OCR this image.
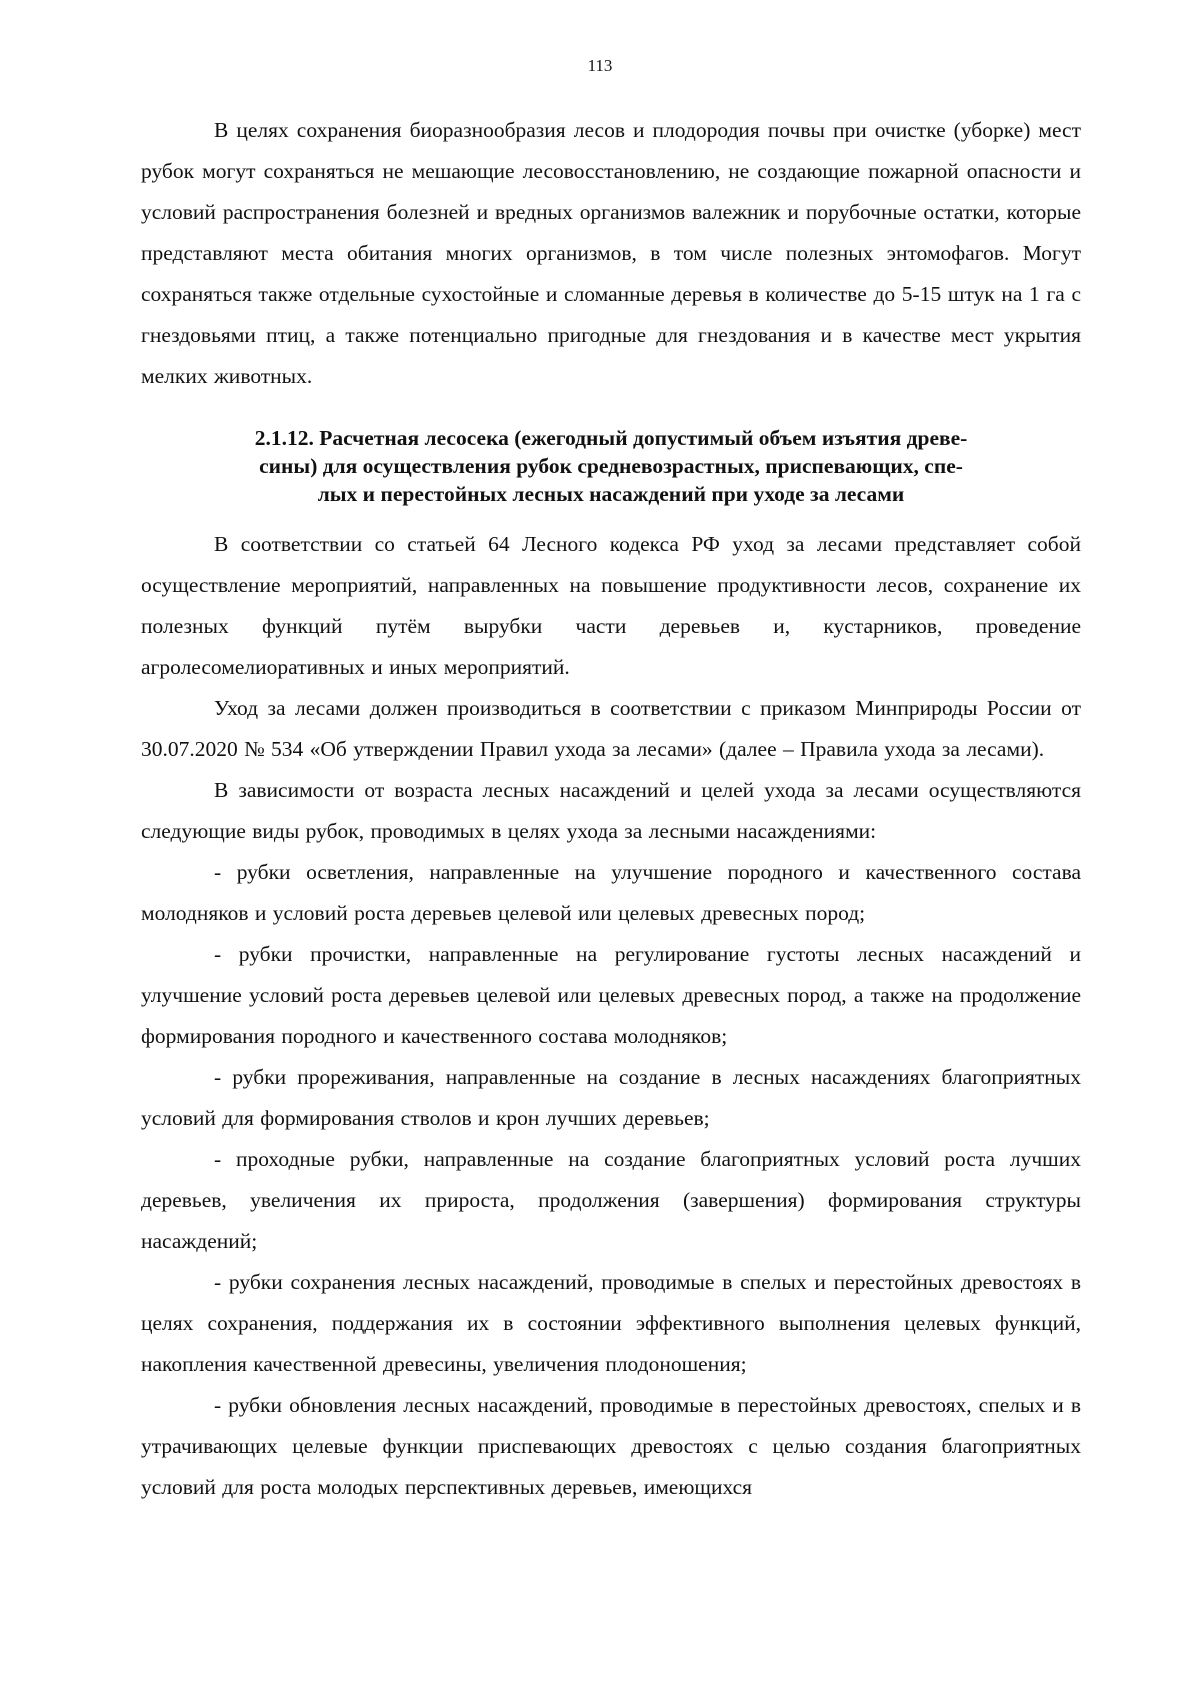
113

В целях сохранения биоразнообразия лесов и плодородия почвы при очистке (уборке) мест рубок могут сохраняться не мешающие лесовосстановлению, не создающие пожарной опасности и условий распространения болезней и вредных организмов валежник и порубочные остатки, которые представляют места обитания многих организмов, в том числе полезных энтомофагов. Могут сохраняться также отдельные сухостойные и сломанные деревья в количестве до 5-15 штук на 1 га с гнездовьями птиц, а также потенциально пригодные для гнездования и в качестве мест укрытия мелких животных.

2.1.12. Расчетная лесосека (ежегодный допустимый объем изъятия древе-
сины) для осуществления рубок средневозрастных, приспевающих, спе-
лых и перестойных лесных насаждений при уходе за лесами

В соответствии со статьей 64 Лесного кодекса РФ уход за лесами представляет собой осуществление мероприятий, направленных на повышение продуктивности лесов, сохранение их полезных функций путём вырубки части деревьев и, кустарников, проведение агролесомелиоративных и иных мероприятий.

Уход за лесами должен производиться в соответствии с приказом Минприроды России от 30.07.2020 № 534 «Об утверждении Правил ухода за лесами» (далее – Правила ухода за лесами).

В зависимости от возраста лесных насаждений и целей ухода за лесами осуществляются следующие виды рубок, проводимых в целях ухода за лесными насаждениями:

- рубки осветления, направленные на улучшение породного и качественного состава молодняков и условий роста деревьев целевой или целевых древесных пород;

- рубки прочистки, направленные на регулирование густоты лесных насаждений и улучшение условий роста деревьев целевой или целевых древесных пород, а также на продолжение формирования породного и качественного состава молодняков;

- рубки прореживания, направленные на создание в лесных насаждениях благоприятных условий для формирования стволов и крон лучших деревьев;

- проходные рубки, направленные на создание благоприятных условий роста лучших деревьев, увеличения их прироста, продолжения (завершения) формирования структуры насаждений;

- рубки сохранения лесных насаждений, проводимые в спелых и перестойных древостоях в целях сохранения, поддержания их в состоянии эффективного выполнения целевых функций, накопления качественной древесины, увеличения плодоношения;

- рубки обновления лесных насаждений, проводимые в перестойных древостоях, спелых и в утрачивающих целевые функции приспевающих древостоях с целью создания благоприятных условий для роста молодых перспективных деревьев, имеющихся
